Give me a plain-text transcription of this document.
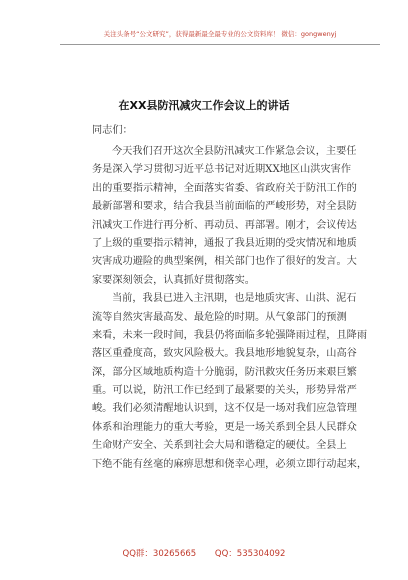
关注头条号“公文研究”，获得最新最全最专业的公文资料库！ 微信：gongwenyj
在XX县防汛减灾工作会议上的讲话
同志们：
今天我们召开这次全县防汛减灾工作紧急会议，主要任
务是深入学习贯彻习近平总书记对近期XX地区山洪灾害作
出的重要指示精神，全面落实省委、省政府关于防汛工作的
最新部署和要求，结合我县当前面临的严峻形势，对全县防
汛减灾工作进行再分析、再动员、再部署。刚才，会议传达
了上级的重要指示精神，通报了我县近期的受灾情况和地质
灾害成功避险的典型案例，相关部门也作了很好的发言。大
家要深刻领会，认真抓好贯彻落实。
当前，我县已进入主汛期，也是地质灾害、山洪、泥石
流等自然灾害最高发、最危险的时期。从气象部门的预测
来看，未来一段时间，我县仍将面临多轮强降雨过程，且降雨
落区重叠度高，致灾风险极大。我县地形地貌复杂，山高谷
深，部分区域地质构造十分脆弱，防汛救灾任务历来艰巨繁
重。可以说，防汛工作已经到了最紧要的关头，形势异常严
峻。我们必须清醒地认识到，这不仅是一场对我们应急管理
体系和治理能力的重大考验，更是一场关系到全县人民群众
生命财产安全、关系到社会大局和谐稳定的硬仗。全县上
下绝不能有丝毫的麻痹思想和侥幸心理，必须立即行动起来，
QQ群：30265665 QQ：535304092
